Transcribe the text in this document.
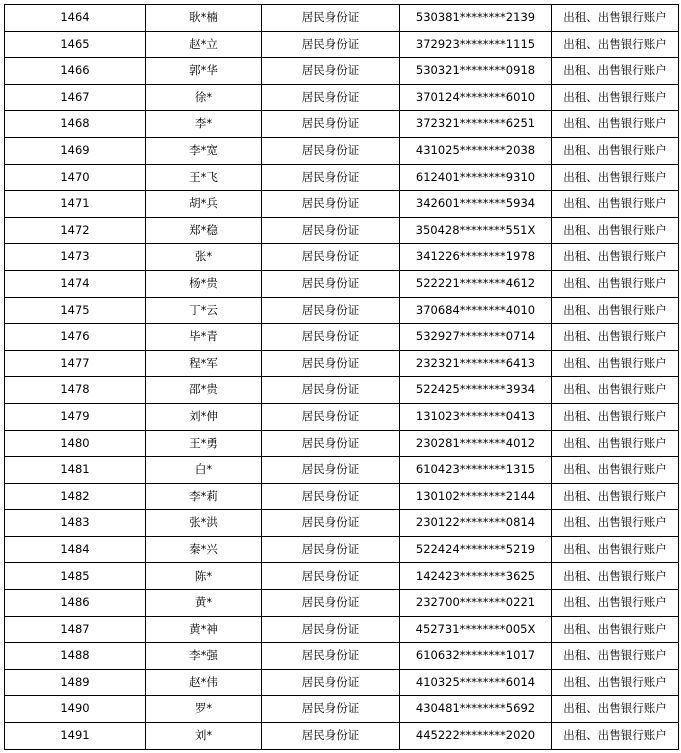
1464	耿*楠	居民身份证	530381********2139	出租、出售银行账户
1465	赵*立	居民身份证	372923********1115	出租、出售银行账户
1466	郭*华	居民身份证	530321********0918	出租、出售银行账户
1467	徐*	居民身份证	370124********6010	出租、出售银行账户
1468	李*	居民身份证	372321********6251	出租、出售银行账户
1469	李*宽	居民身份证	431025********2038	出租、出售银行账户
1470	王*飞	居民身份证	612401********9310	出租、出售银行账户
1471	胡*兵	居民身份证	342601********5934	出租、出售银行账户
1472	郑*稳	居民身份证	350428********551X	出租、出售银行账户
1473	张*	居民身份证	341226********1978	出租、出售银行账户
1474	杨*贵	居民身份证	522221********4612	出租、出售银行账户
1475	丁*云	居民身份证	370684********4010	出租、出售银行账户
1476	毕*青	居民身份证	532927********0714	出租、出售银行账户
1477	程*军	居民身份证	232321********6413	出租、出售银行账户
1478	邵*贵	居民身份证	522425********3934	出租、出售银行账户
1479	刘*伸	居民身份证	131023********0413	出租、出售银行账户
1480	王*勇	居民身份证	230281********4012	出租、出售银行账户
1481	白*	居民身份证	610423********1315	出租、出售银行账户
1482	李*莉	居民身份证	130102********2144	出租、出售银行账户
1483	张*洪	居民身份证	230122********0814	出租、出售银行账户
1484	秦*兴	居民身份证	522424********5219	出租、出售银行账户
1485	陈*	居民身份证	142423********3625	出租、出售银行账户
1486	黄*	居民身份证	232700********0221	出租、出售银行账户
1487	黄*神	居民身份证	452731********005X	出租、出售银行账户
1488	李*强	居民身份证	610632********1017	出租、出售银行账户
1489	赵*伟	居民身份证	410325********6014	出租、出售银行账户
1490	罗*	居民身份证	430481********5692	出租、出售银行账户
1491	刘*	居民身份证	445222********2020	出租、出售银行账户
